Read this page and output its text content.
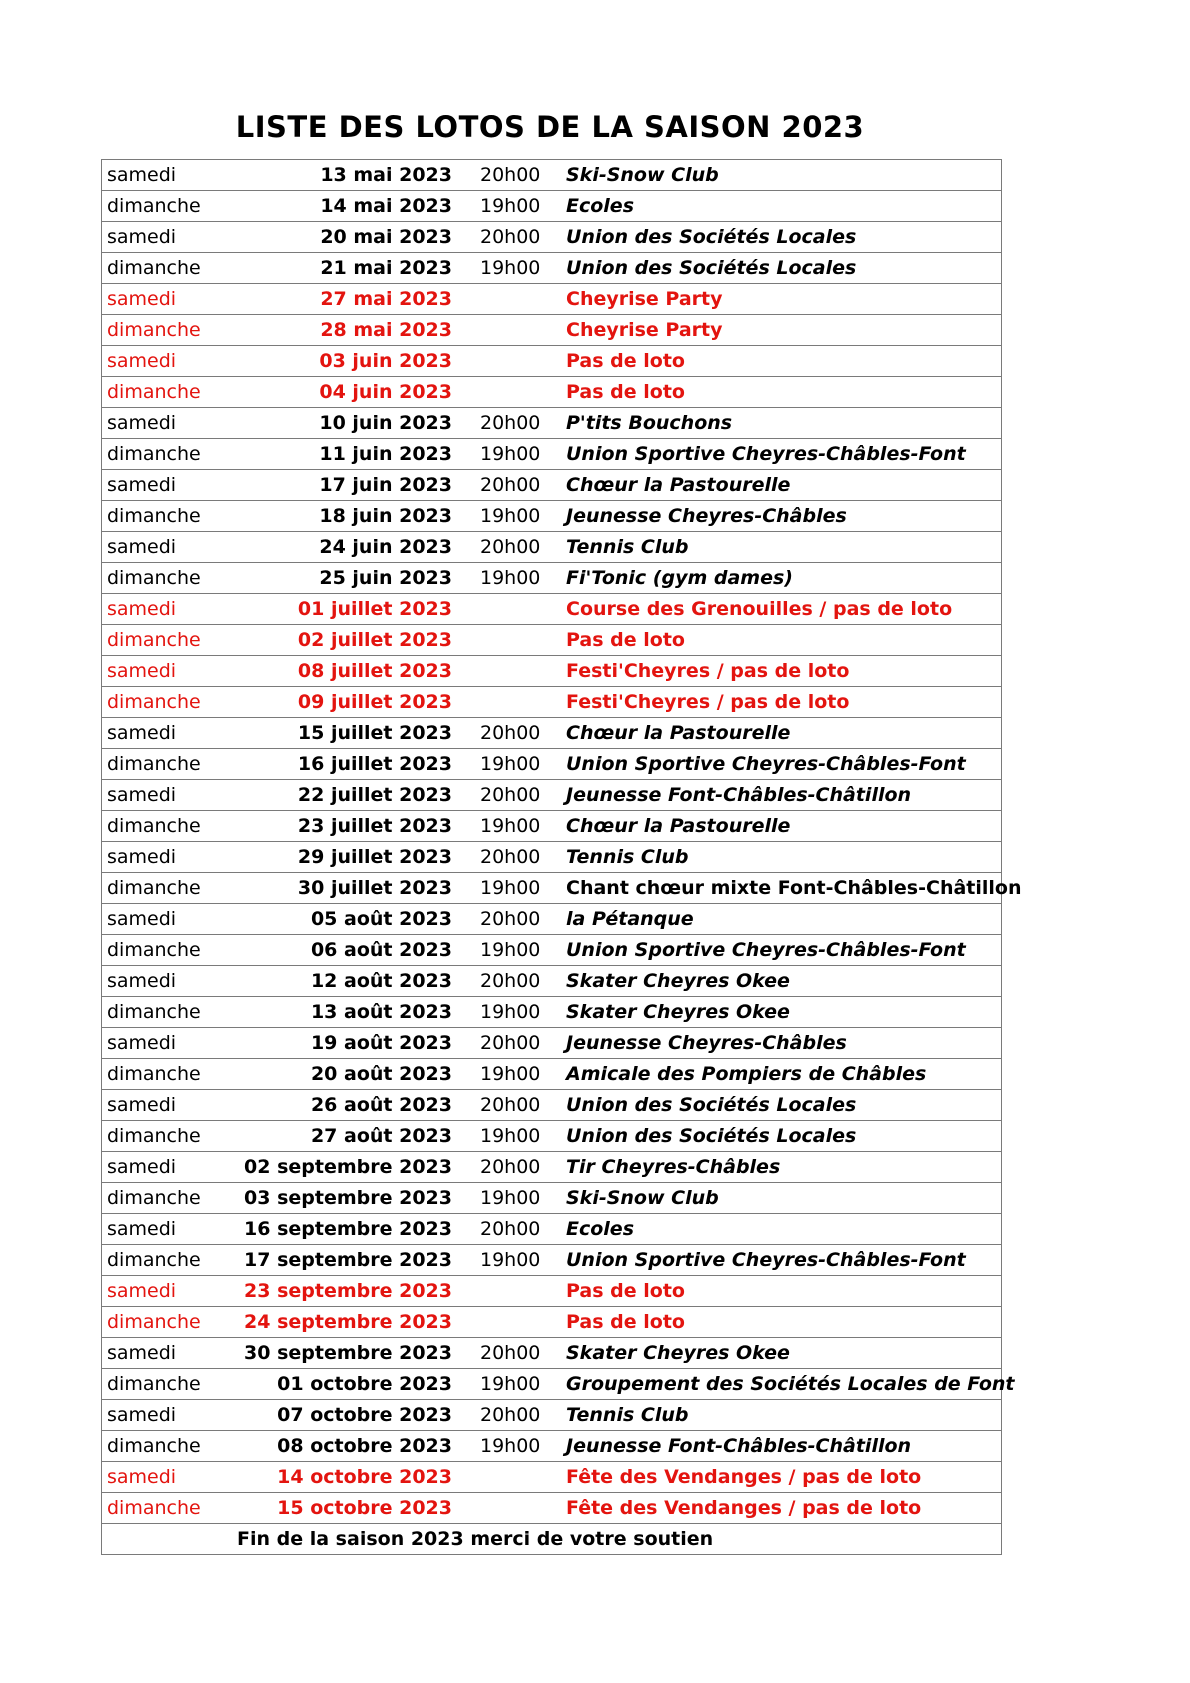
LISTE DES LOTOS DE LA SAISON 2023
samedi	13 mai 2023 20h00 Ski-Snow Club
dimanche	14 mai 2023 19h00 Ecoles
samedi	20 mai 2023 20h00 Union des Sociétés Locales
dimanche	21 mai 2023 19h00 Union des Sociétés Locales
samedi	27 mai 2023	Cheyrise Party
dimanche	28 mai 2023	Cheyrise Party
samedi	03 juin 2023	Pas de loto
dimanche	04 juin 2023	Pas de loto
samedi	10 juin 2023 20h00 P'tits Bouchons
dimanche	11 juin 2023 19h00 Union Sportive Cheyres-Châbles-Font
samedi	17 juin 2023 20h00 Chœur la Pastourelle
dimanche	18 juin 2023 19h00 Jeunesse Cheyres-Châbles
samedi	24 juin 2023 20h00 Tennis Club
dimanche	25 juin 2023 19h00 Fi'Tonic (gym dames)
samedi	01 juillet 2023	Course des Grenouilles / pas de loto
dimanche	02 juillet 2023	Pas de loto
samedi	08 juillet 2023	Festi'Cheyres / pas de loto
dimanche	09 juillet 2023	Festi'Cheyres / pas de loto
samedi	15 juillet 2023 20h00 Chœur la Pastourelle
dimanche	16 juillet 2023 19h00 Union Sportive Cheyres-Châbles-Font
samedi	22 juillet 2023 20h00 Jeunesse Font-Châbles-Châtillon
dimanche	23 juillet 2023 19h00 Chœur la Pastourelle
samedi	29 juillet 2023 20h00 Tennis Club
dimanche	30 juillet 2023 19h00 Chant chœur mixte Font-Châbles-Châtillon
samedi	05 août 2023 20h00 la Pétanque
dimanche	06 août 2023 19h00 Union Sportive Cheyres-Châbles-Font
samedi	12 août 2023 20h00 Skater Cheyres Okee
dimanche	13 août 2023 19h00 Skater Cheyres Okee
samedi	19 août 2023 20h00 Jeunesse Cheyres-Châbles
dimanche	20 août 2023 19h00 Amicale des Pompiers de Châbles
samedi	26 août 2023 20h00 Union des Sociétés Locales
dimanche	27 août 2023 19h00 Union des Sociétés Locales
samedi	02 septembre 2023 20h00 Tir Cheyres-Châbles
dimanche 03 septembre 2023 19h00 Ski-Snow Club
samedi	16 septembre 2023 20h00 Ecoles
dimanche 17 septembre 2023 19h00 Union Sportive Cheyres-Châbles-Font
samedi	23 septembre 2023	Pas de loto
dimanche 24 septembre 2023	Pas de loto
samedi	30 septembre 2023 20h00 Skater Cheyres Okee
dimanche	01 octobre 2023 19h00 Groupement des Sociétés Locales de Font
samedi	07 octobre 2023 20h00 Tennis Club
dimanche	08 octobre 2023 19h00 Jeunesse Font-Châbles-Châtillon
samedi	14 octobre 2023	Fête des Vendanges / pas de loto
dimanche	15 octobre 2023	Fête des Vendanges / pas de loto
Fin de la saison 2023 merci de votre soutien
